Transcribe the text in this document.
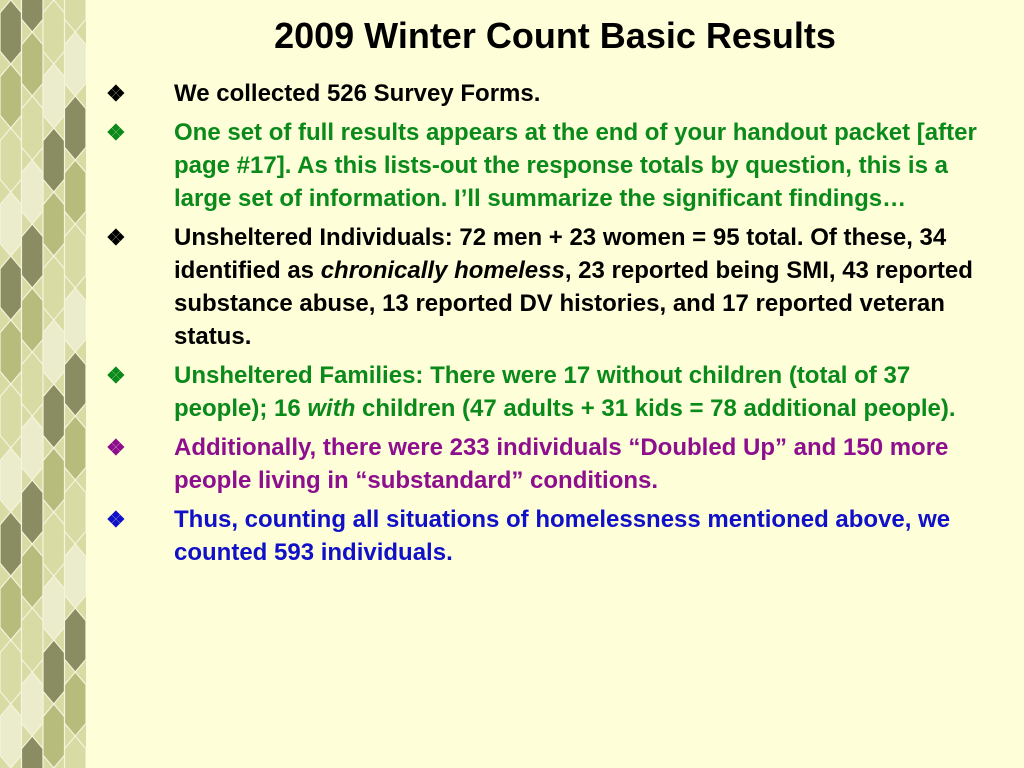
2009 Winter Count Basic Results
❖	We collected 526 Survey Forms.
❖	One set of full results appears at the end of your handout packet [after page #17]. As this lists-out the response totals by question, this is a large set of information. I’ll summarize the significant findings…
❖	Unsheltered Individuals: 72 men + 23 women = 95 total. Of these, 34 identified as chronically homeless, 23 reported being SMI, 43 reported substance abuse, 13 reported DV histories, and 17 reported veteran status.
❖	Unsheltered Families: There were 17 without children (total of 37 people); 16 with children (47 adults + 31 kids = 78 additional people).
❖	Additionally, there were 233 individuals “Doubled Up” and 150 more people living in “substandard” conditions.
❖	Thus, counting all situations of homelessness mentioned above, we counted 593 individuals.
